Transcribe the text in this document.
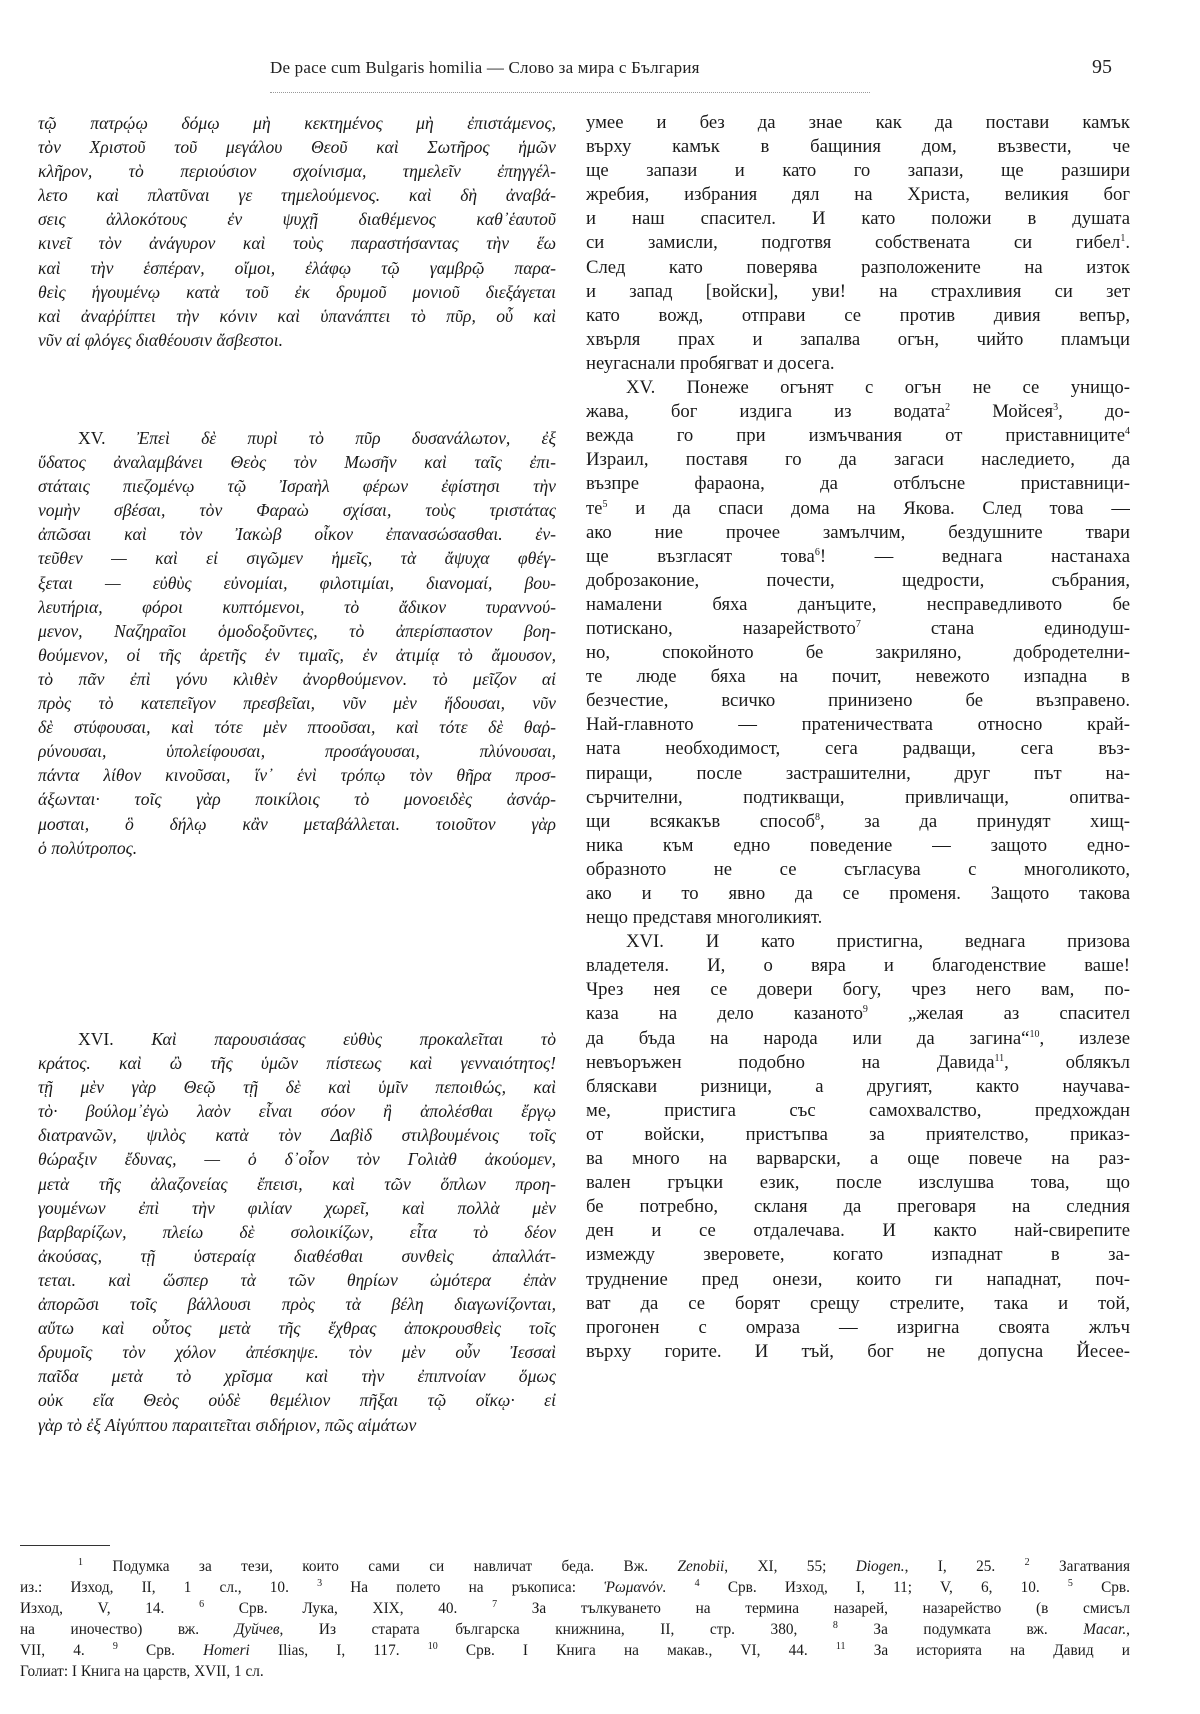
De pace cum Bulgaris homilia — Слово за мира с България	95
τῷ πατρῴῳ δόμῳ μὴ κεκτημένος μὴ ἐπιστάμενος,
τὸν Χριστοῦ τοῦ μεγάλου Θεοῦ καὶ Σωτῆρος ἡμῶν
κλῆρον, τὸ περιούσιον σχοίνισμα, τημελεῖν ἐπηγγέλ-
λετο καὶ πλατῦναι γε τημελούμενος. καὶ δὴ ἀναβά-
σεις ἀλλοκότους ἐν ψυχῇ διαθέμενος καθ᾽ἑαυτοῦ
κινεῖ τὸν ἀνάγυρον καὶ τοὺς παραστήσαντας τὴν ἕω
καὶ τὴν ἑσπέραν, οἴμοι, ἐλάφῳ τῷ γαμβρῷ παρα-
θεὶς ἡγουμένῳ κατὰ τοῦ ἐκ δρυμοῦ μονιοῦ διεξάγεται
καὶ ἀναῤῥίπτει τὴν κόνιν καὶ ὑπανάπτει τὸ πῦρ, οὗ καὶ
νῦν αἱ φλόγες διαθέουσιν ἄσβεστοι.
XV. Ἐπεὶ δὲ πυρὶ τὸ πῦρ δυσανάλωτον, ἐξ
ὕδατος ἀναλαμβάνει Θεὸς τὸν Μωσῆν καὶ ταῖς ἐπι-
στάταις πιεζομένῳ τῷ Ἰσραὴλ φέρων ἐφίστησι τὴν
νομὴν σβέσαι, τὸν Φαραὼ σχίσαι, τοὺς τριστάτας
ἀπῶσαι καὶ τὸν Ἰακὼβ οἶκον ἐπανασώσασθαι. ἐν-
τεῦθεν — καὶ εἰ σιγῶμεν ἡμεῖς, τὰ ἄψυχα φθέγ-
ξεται — εὐθὺς εὐνομίαι, φιλοτιμίαι, διανομαί, βου-
λευτήρια, φόροι κυπτόμενοι, τὸ ἄδικον τυραννού-
μενον, Ναζηραῖοι ὁμοδοξοῦντες, τὸ ἀπερίσπαστον βοη-
θούμενον, οἱ τῆς ἀρετῆς ἐν τιμαῖς, ἐν ἀτιμίᾳ τὸ ἄμουσον,
τὸ πᾶν ἐπὶ γόνυ κλιθὲν ἀνορθούμενον. τὸ μεῖζον αἱ
πρὸς τὸ κατεπεῖγον πρεσβεῖαι, νῦν μὲν ἥδουσαι, νῦν
δὲ στύφουσαι, καὶ τότε μὲν πτοοῦσαι, καὶ τότε δὲ θαῤ-
ρύνουσαι, ὑπολείφουσαι, προσάγουσαι, πλύνουσαι,
πάντα λίθον κινοῦσαι, ἵν᾽ ἑνὶ τρόπῳ τὸν θῆρα προσ-
άξωνται· τοῖς γὰρ ποικίλοις τὸ μονοειδὲς ἀσνάρ-
μοσται, ὃ δήλῳ κἂν μεταβάλλεται. τοιοῦτον γὰρ
ὁ πολύτροπος.
XVI. Καὶ παρουσιάσας εὐθὺς προκαλεῖται τὸ
κράτος. καὶ ὢ τῆς ὑμῶν πίστεως καὶ γενναιότητος!
τῇ μὲν γὰρ Θεῷ τῇ δὲ καὶ ὑμῖν πεποιθώς, καὶ
τὸ· βούλομ᾽ἐγὼ λαὸν εἶναι σόον ἢ ἀπολέσθαι ἔργῳ
διατρανῶν, ψιλὸς κατὰ τὸν Δαβὶδ στιλβουμένοις τοῖς
θώραξιν ἔδυνας, — ὁ δ᾽οἷον τὸν Γολιὰθ ἀκούομεν,
μετὰ τῆς ἀλαζονείας ἔπεισι, καὶ τῶν ὅπλων προη-
γουμένων ἐπὶ τὴν φιλίαν χωρεῖ, καὶ πολλὰ μὲν
βαρβαρίζων, πλείω δὲ σολοικίζων, εἶτα τὸ δέον
ἀκούσας, τῇ ὑστεραίᾳ διαθέσθαι συνθεὶς ἀπαλλάτ-
τεται. καὶ ὥσπερ τὰ τῶν θηρίων ὠμότερα ἐπὰν
ἀπορῶσι τοῖς βάλλουσι πρὸς τὰ βέλη διαγωνίζονται,
αὔτω καὶ οὗτος μετὰ τῆς ἔχθρας ἀποκρουσθεὶς τοῖς
δρυμοῖς τὸν χόλον ἀπέσκηψε. τὸν μὲν οὖν Ἰεσσαὶ
παῖδα μετὰ τὸ χρῖσμα καὶ τὴν ἐπιπνοίαν ὅμως
οὐκ εἴα Θεὸς οὐδὲ θεμέλιον πῆξαι τῷ οἴκῳ· εἰ
γὰρ τὸ ἐξ Αἰγύπτου παραιτεῖται σιδήριον, πῶς αἱμάτων
умее и без да знае как да постави камък
върху камък в бащиния дом, възвести, че
ще запази и като го запази, ще разшири
жребия, избрания дял на Христа, великия бог
и наш спасител. И като положи в душата
си замисли, подготвя собствената си гибел$^1$.
След като поверява разположените на изток
и запад [войски], уви! на страхливия си зет
като вожд, отправи се против дивия вепър,
хвърля прах и запалва огън, чийто пламъци
неугаснали пробягват и досега.
XV. Понеже огънят с огън не се унищо-
жава, бог издига из водата$^2$ Мойсея$^3$, до-
вежда го при измъчвания от приставниците$^4$
Израил, поставя го да загаси наследието, да
възпре фараона, да отблъсне приставници-
$те^5$ и да спаси дома на Якова. След това —
ако ние прочее замълчим, бездушните твари
ще възгласят това$^6$! — веднага настанаха
доброзаконие, почести, щедрости, събрания,
намалени бяха данъците, несправедливото бе
потискано, назарейството$^7$	стана единодуш-
но, спокойното бе закриляно, добродетелни-
те люде бяха на почит, невежото изпадна в
безчестие, всичко принизено бе възправено.
Най-главното — пратеничествата относно край-
ната необходимост, сега радващи, сега въз-
пиращи, после застрашителни, друг път на-
сърчителни, подтикващи, привличащи, опитва-
щи всякакъв способ$^8$, за да принудят хищ-
ника към едно поведение — защото едно-
образното не се съгласува с многоликото,
ако и то явно да се променя. Защото такова
нещо представя многоликият.
XVI. И като пристигна, веднага призова
владетеля. И, о вяра и благоденствие ваше!
Чрез нея се довери богу, чрез него вам, по-
каза на дело казаното$^9$ „желая аз спасител
да бъда на народа или да загина“$^{10}$, излезе
невъоръжен подобно на Давида$^{11}$, облякъл
бляскави ризници, а другият, както научава-
ме, пристига със самохвалство, предхождан
от войски, пристъпва за приятелство, приказ-
ва много на варварски, а още повече на раз-
вален гръцки език, после изслушва това, що
бе потребно, склaня да преговаря на следния
ден и се отдалечава. И както най-свирепите
измежду зверовете, когато изпаднат в за-
труднение пред онези, които ги нападнат, поч-
ват да се борят срещу стрелите, така и той,
прогонен с омраза — изригна своята жлъч
върху горите. И тъй, бог не допусна Йесее-
$^1$ Подумка за тези, които сами си навличат беда. Вж. Zenobii, XI, 55; Diogen., I, 25.	$^2$ Загатвания
из.: Изход, II, 1 сл., 10.	$^3$ На полето на ръкописа: Ῥωμανόν.	$^4$ Срв. Изход, I, 11; V, 6, 10.	$^5$ Срв.
Изход, V, 14.	$^6$ Срв. Лука, XIX, 40.	$^7$ За тълкуването на термина назарей, назарейство (в смисъл
на иночество) вж. Дуйчев, Из старата българска книжнина, II, стр. 380,	$^8$ За подумката вж. Macar.,
VII, 4.	$^9$ Срв. Homeri Ilias, I, 117.	$^{10}$ Срв. I Книга на макав., VI, 44.	$^{11}$ За историята на Давид и
Голиат: I Книга на царств, XVII, 1 сл.
